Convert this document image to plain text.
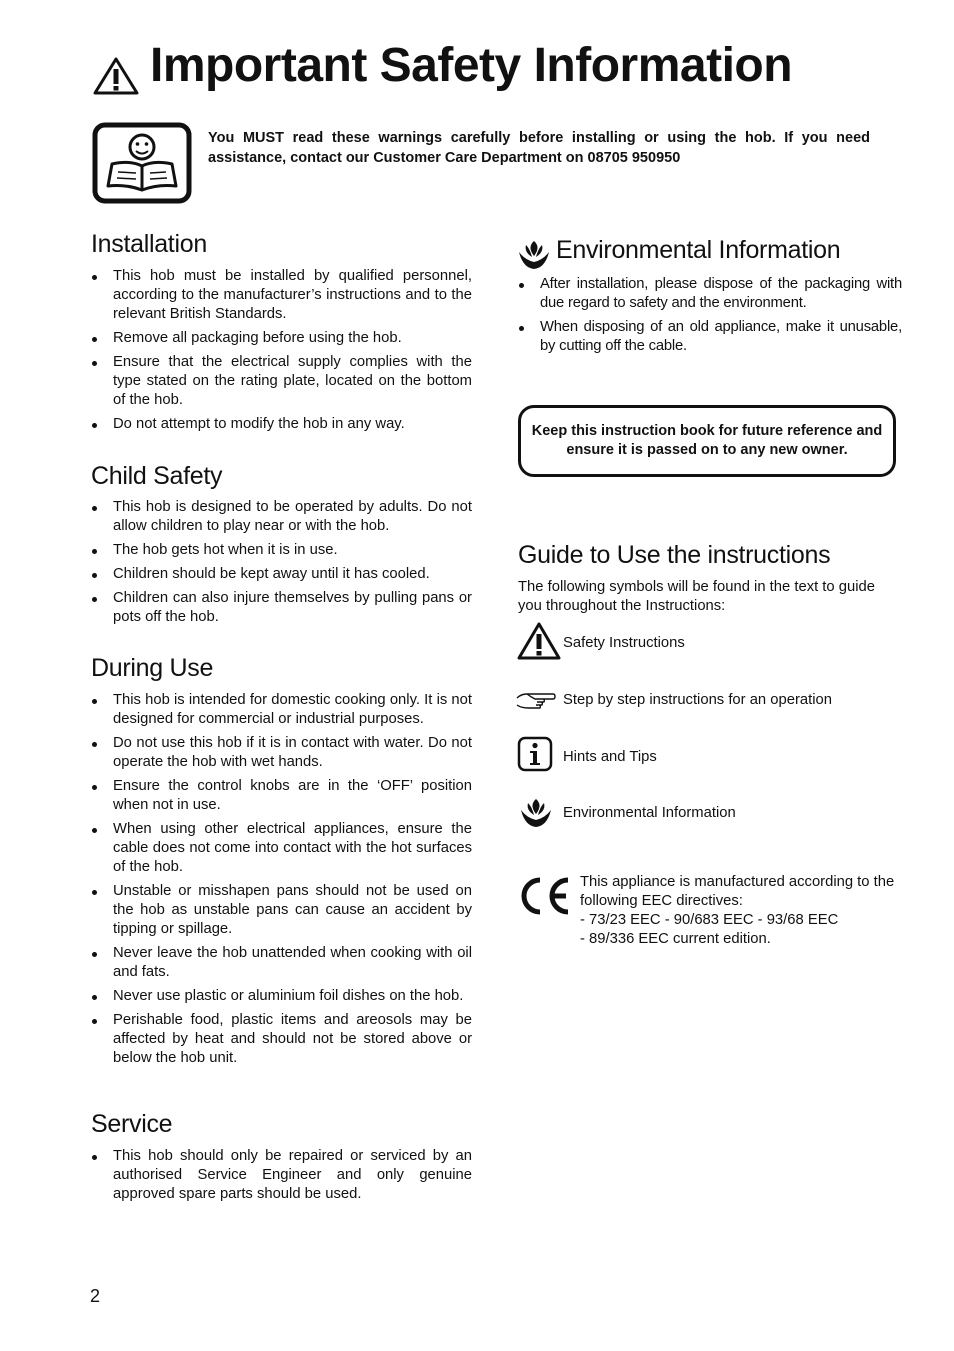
Important Safety Information
You MUST read these warnings carefully before installing or using the hob. If you need assistance, contact our Customer Care Department on 08705 950950
Installation
This hob must be installed by qualified personnel, according to the manufacturer’s instructions and to the relevant British Standards.
Remove all packaging before using the hob.
Ensure that the electrical supply complies with the type stated on the rating plate, located on the bottom of the hob.
Do not attempt to modify the hob in any way.
Child Safety
This hob is designed to be operated by adults. Do not allow children to play near or with the hob.
The hob gets hot when it is in use.
Children should be kept away until it has cooled.
Children can also injure themselves by pulling pans or pots off the hob.
During Use
This hob is intended for domestic cooking only. It is not designed for commercial or industrial purposes.
Do not use this hob if it is in contact with water. Do not operate the hob with wet hands.
Ensure the control knobs are in the ‘OFF’ position when not in use.
When using other electrical appliances, ensure the cable does not come into contact with the hot surfaces of the hob.
Unstable or misshapen pans should not be used on the hob as unstable pans can cause an accident by tipping or spillage.
Never leave the hob unattended when cooking with oil and fats.
Never use plastic or aluminium foil dishes on the hob.
Perishable food, plastic items and areosols may be affected by heat and should not be stored above or below the hob unit.
Service
This hob should only be repaired or serviced by an authorised Service Engineer and only genuine approved spare parts should be used.
Environmental Information
After installation, please dispose of the packaging with due regard to safety and the environment.
When disposing of an old appliance, make it unusable, by cutting off the cable.
Keep this instruction book for future reference and ensure it is passed on to any new owner.
Guide to Use the instructions
The following symbols will be found in the text to guide you throughout the Instructions:
Safety Instructions
Step by step instructions for an operation
Hints and Tips
Environmental Information
This appliance is manufactured according to the following EEC directives:
- 73/23 EEC - 90/683 EEC - 93/68 EEC
- 89/336 EEC current edition.
2
